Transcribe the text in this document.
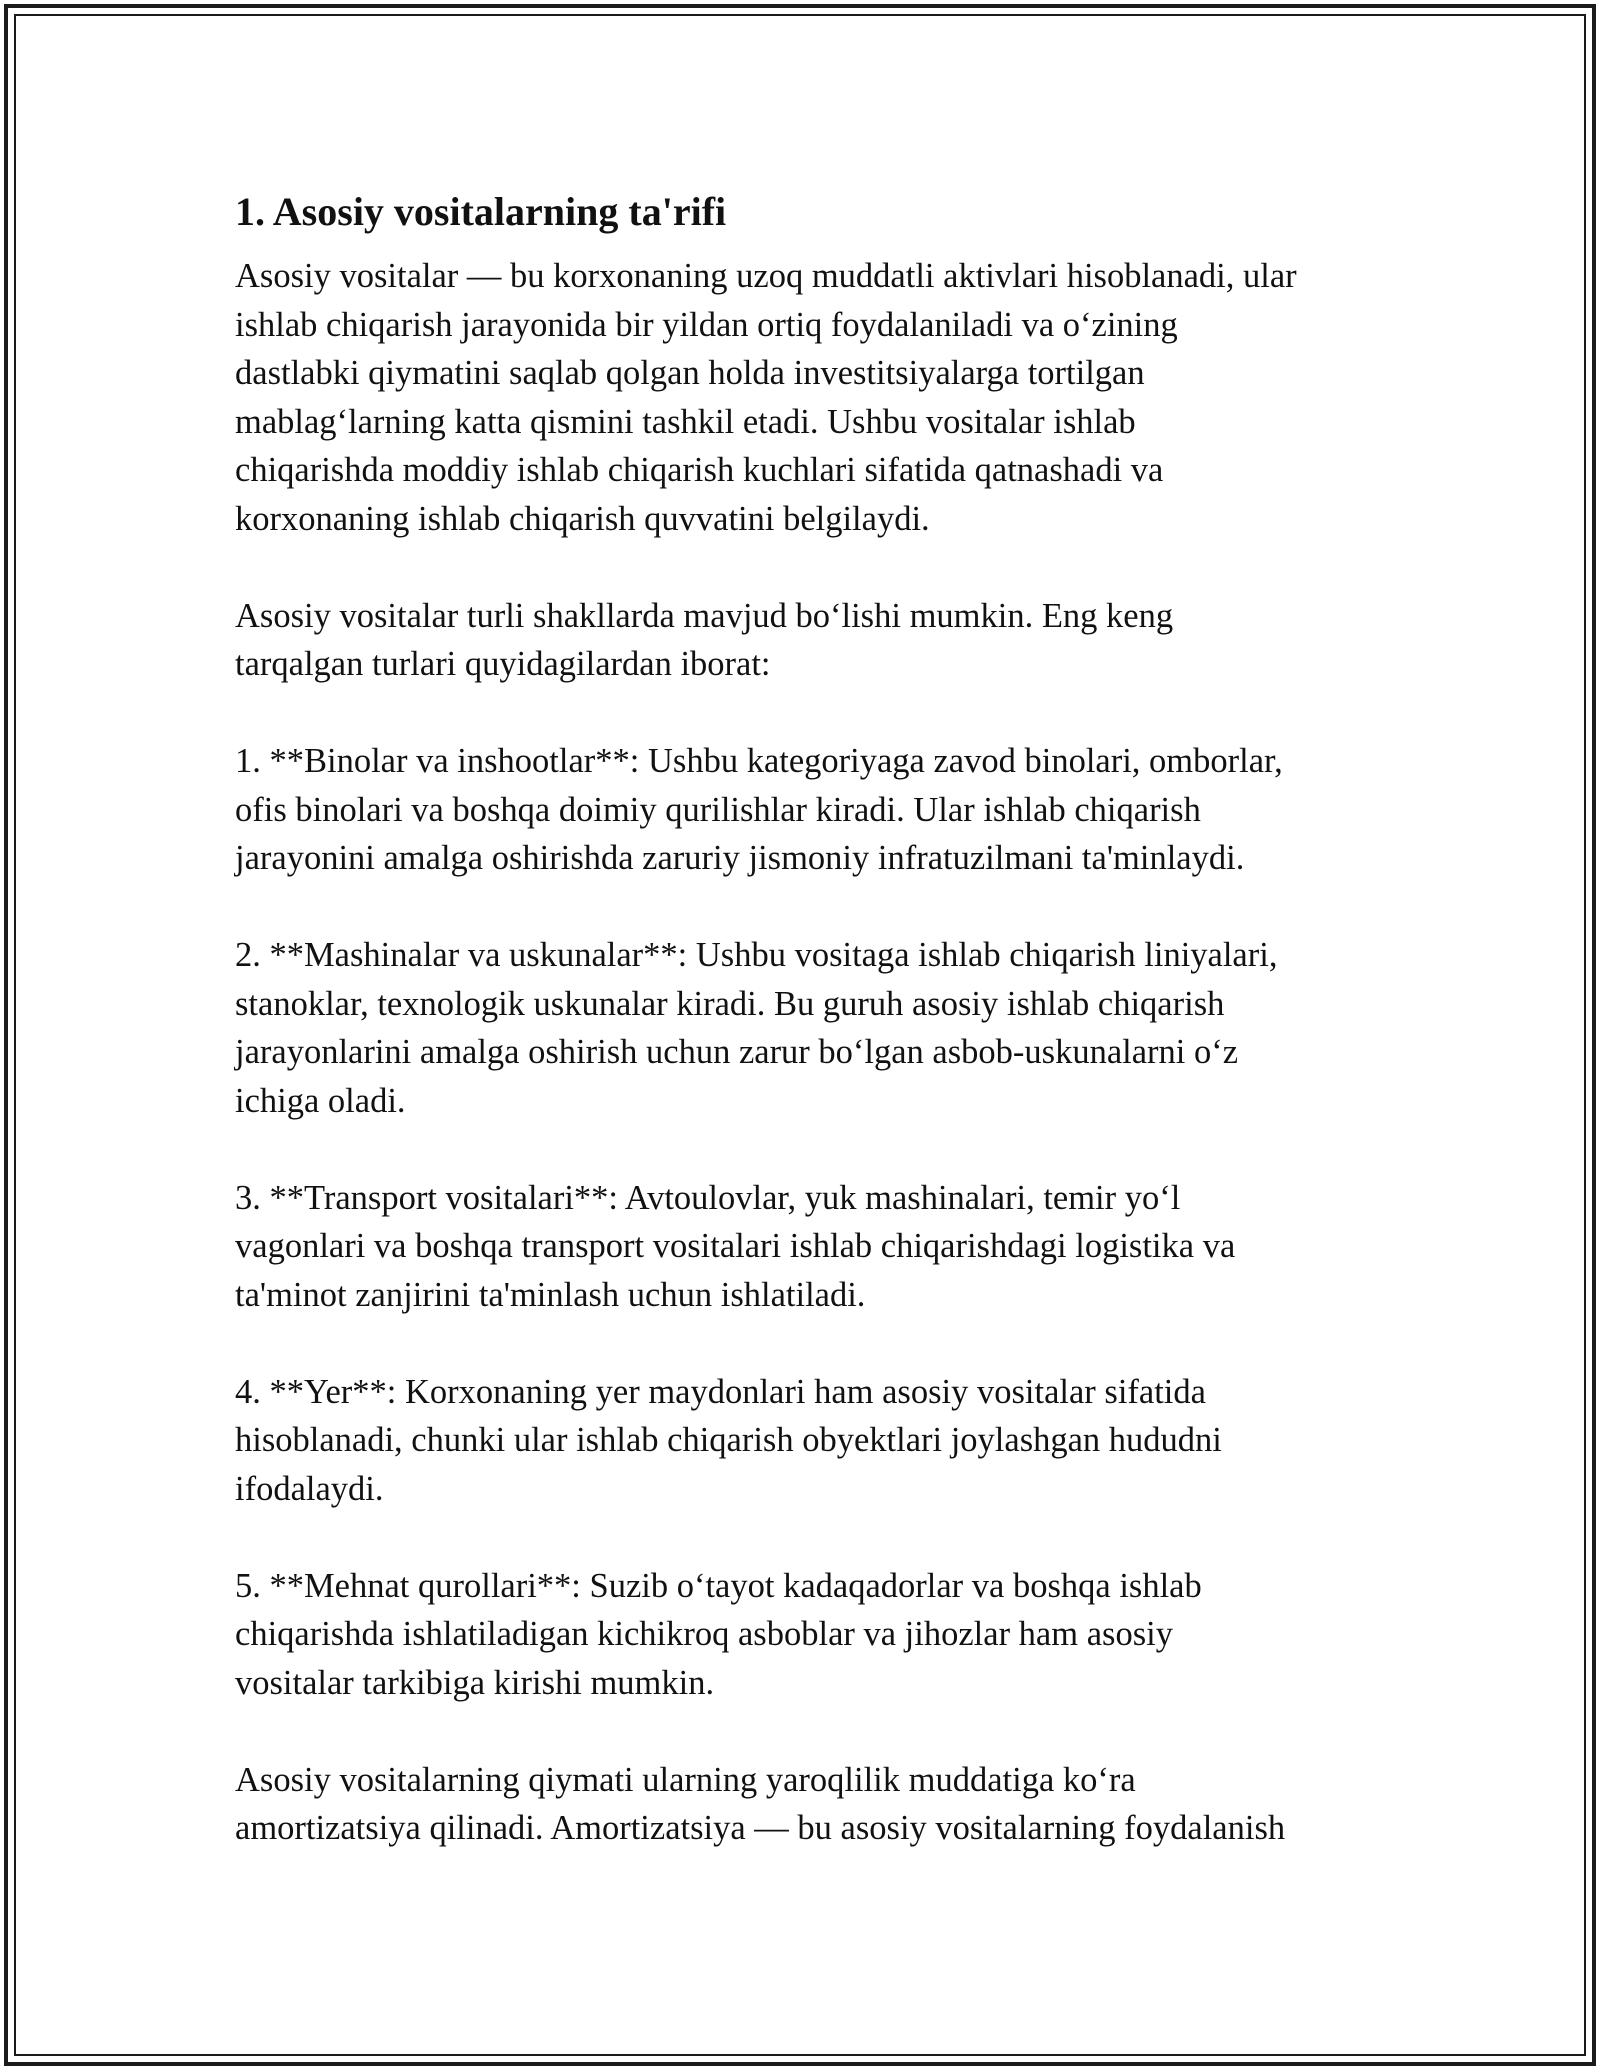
1. Asosiy vositalarning ta'rifi

Asosiy vositalar — bu korxonaning uzoq muddatli aktivlari hisoblanadi, ular
ishlab chiqarish jarayonida bir yildan ortiq foydalaniladi va o‘zining
dastlabki qiymatini saqlab qolgan holda investitsiyalarga tortilgan
mablag‘larning katta qismini tashkil etadi. Ushbu vositalar ishlab
chiqarishda moddiy ishlab chiqarish kuchlari sifatida qatnashadi va
korxonaning ishlab chiqarish quvvatini belgilaydi.

Asosiy vositalar turli shakllarda mavjud bo‘lishi mumkin. Eng keng
tarqalgan turlari quyidagilardan iborat:

1. **Binolar va inshootlar**: Ushbu kategoriyaga zavod binolari, omborlar,
ofis binolari va boshqa doimiy qurilishlar kiradi. Ular ishlab chiqarish
jarayonini amalga oshirishda zaruriy jismoniy infratuzilmani ta'minlaydi.

2. **Mashinalar va uskunalar**: Ushbu vositaga ishlab chiqarish liniyalari,
stanoklar, texnologik uskunalar kiradi. Bu guruh asosiy ishlab chiqarish
jarayonlarini amalga oshirish uchun zarur bo‘lgan asbob-uskunalarni o‘z
ichiga oladi.

3. **Transport vositalari**: Avtoulovlar, yuk mashinalari, temir yo‘l
vagonlari va boshqa transport vositalari ishlab chiqarishdagi logistika va
ta'minot zanjirini ta'minlash uchun ishlatiladi.

4. **Yer**: Korxonaning yer maydonlari ham asosiy vositalar sifatida
hisoblanadi, chunki ular ishlab chiqarish obyektlari joylashgan hududni
ifodalaydi.

5. **Mehnat qurollari**: Suzib o‘tayot kadaqadorlar va boshqa ishlab
chiqarishda ishlatiladigan kichikroq asboblar va jihozlar ham asosiy
vositalar tarkibiga kirishi mumkin.

Asosiy vositalarning qiymati ularning yaroqlilik muddatiga ko‘ra
amortizatsiya qilinadi. Amortizatsiya — bu asosiy vositalarning foydalanish
